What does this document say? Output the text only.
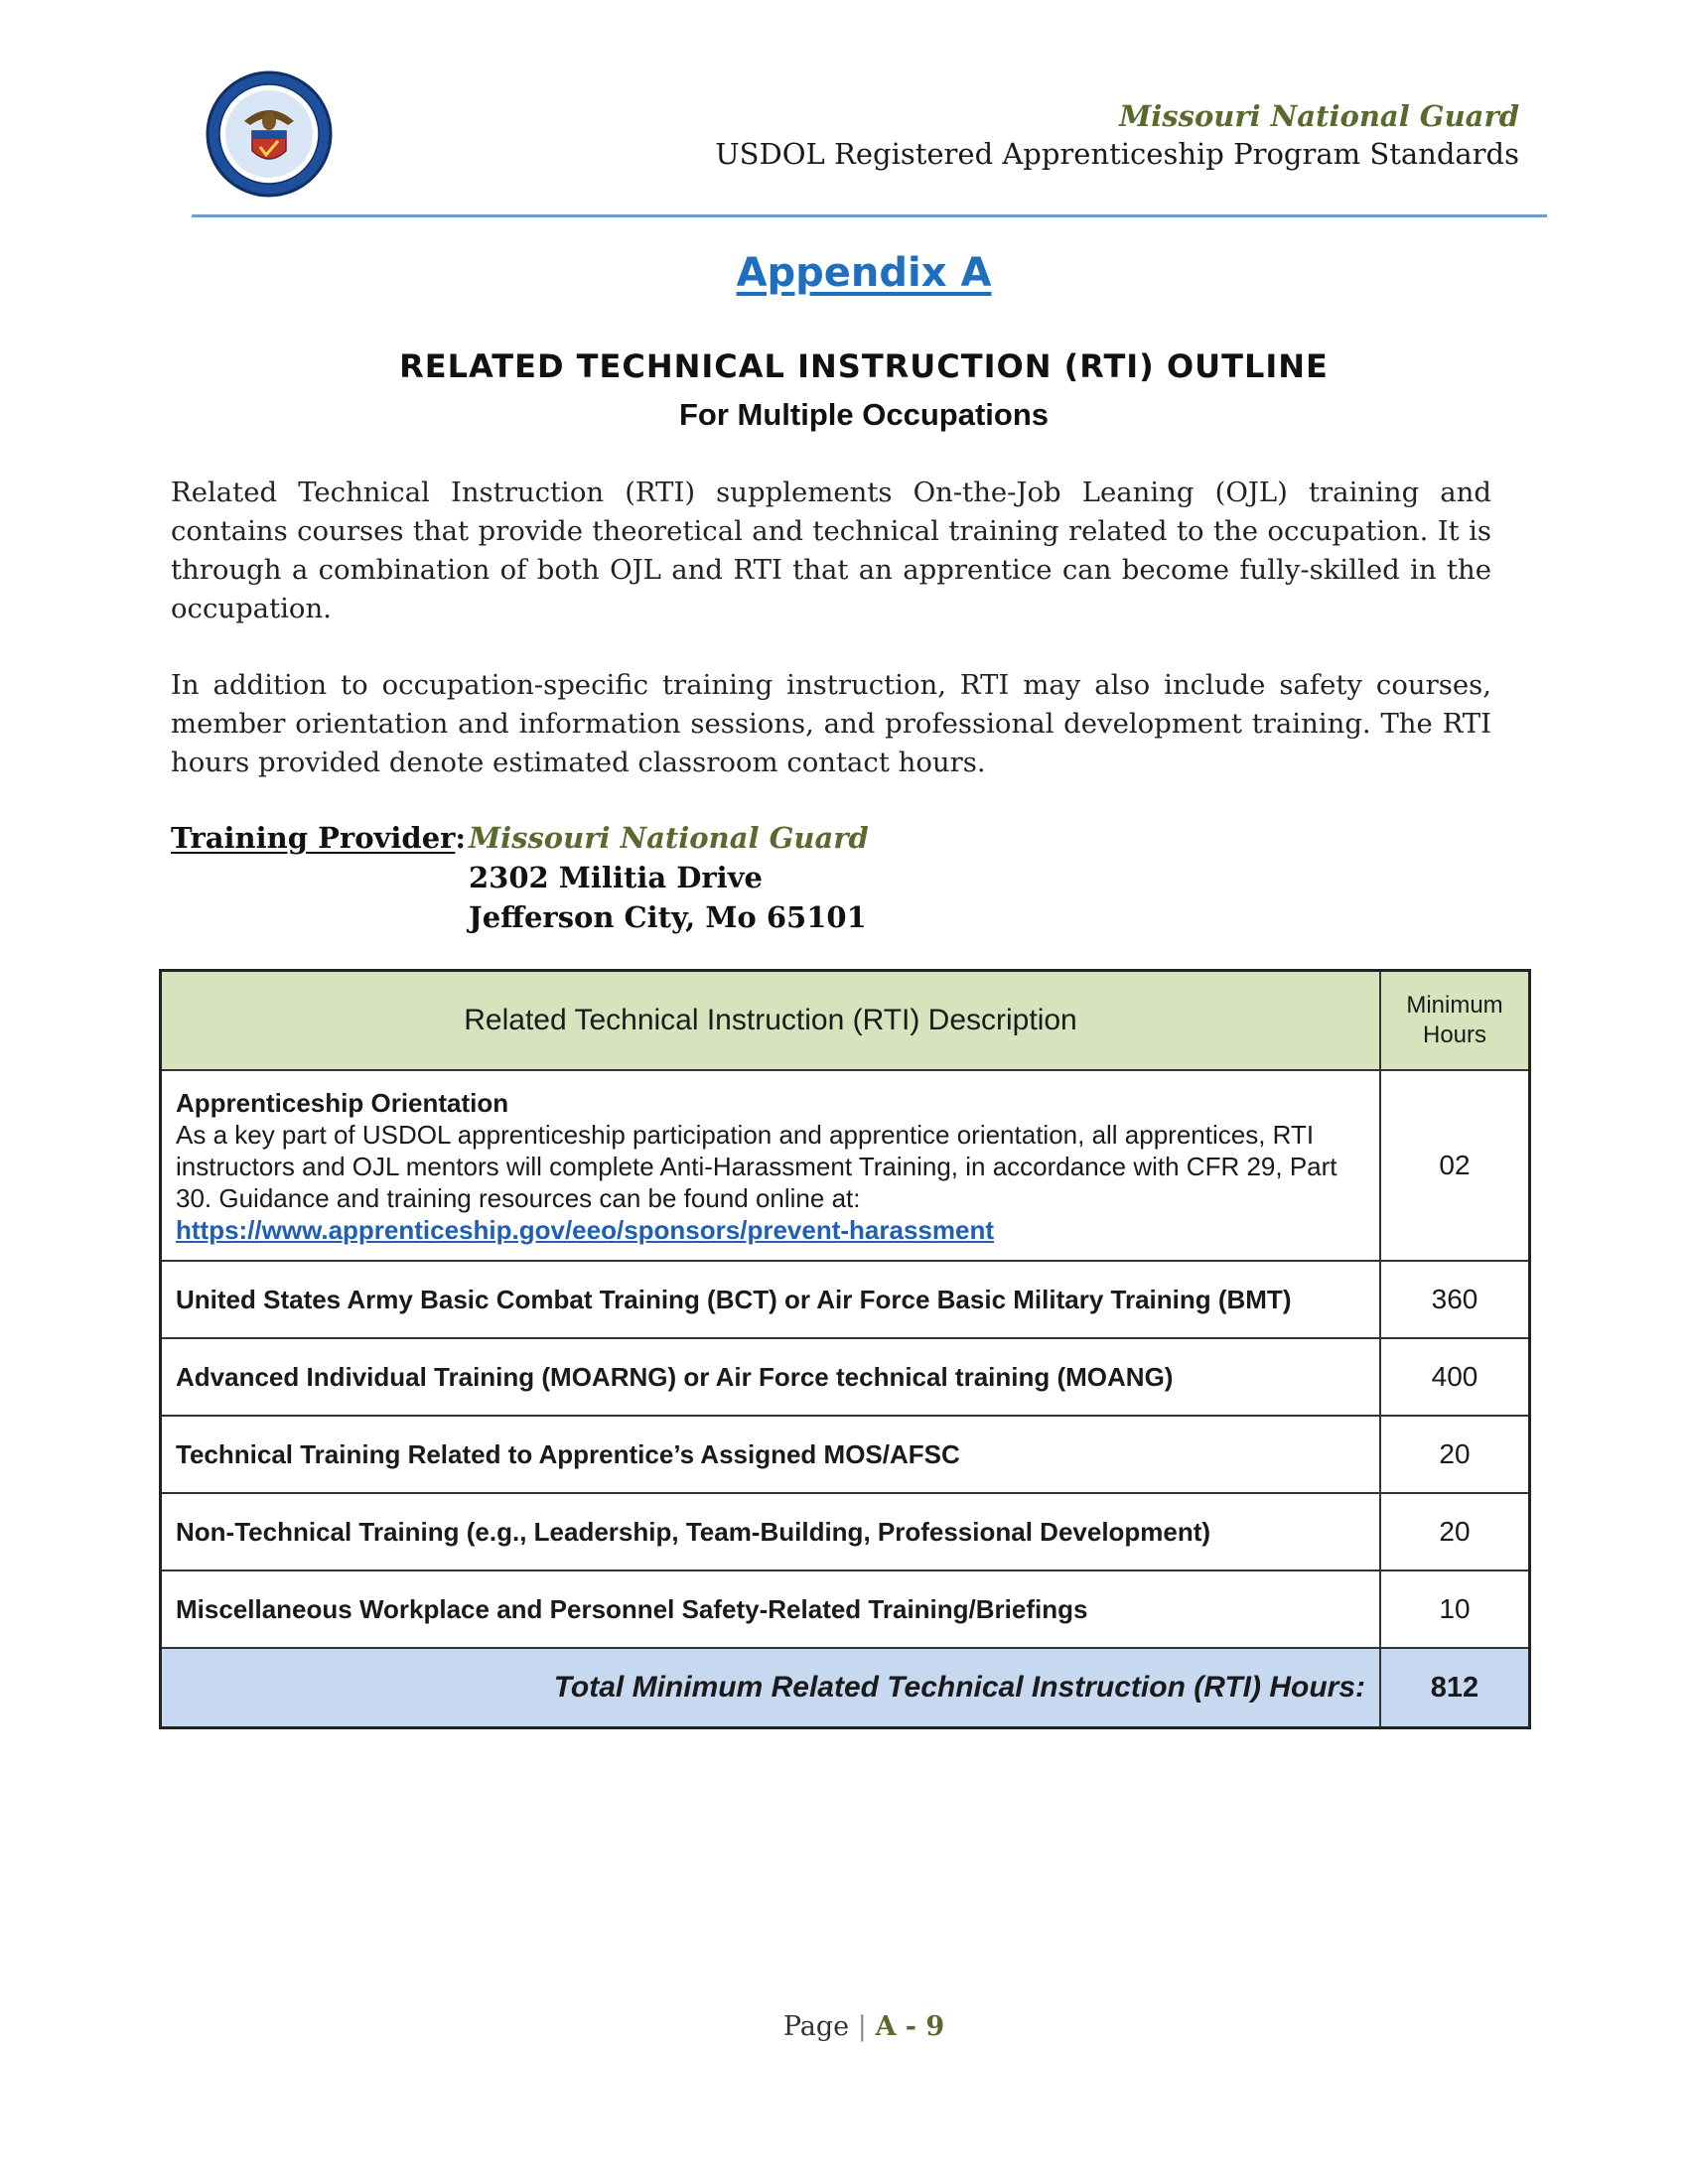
Missouri National Guard
USDOL Registered Apprenticeship Program Standards
Appendix A
RELATED TECHNICAL INSTRUCTION (RTI) OUTLINE
For Multiple Occupations
Related Technical Instruction (RTI) supplements On-the-Job Leaning (OJL) training and contains courses that provide theoretical and technical training related to the occupation. It is through a combination of both OJL and RTI that an apprentice can become fully-skilled in the occupation.
In addition to occupation-specific training instruction, RTI may also include safety courses, member orientation and information sessions, and professional development training. The RTI hours provided denote estimated classroom contact hours.
Training Provider: Missouri National Guard
2302 Militia Drive
Jefferson City, Mo 65101
Related Technical Instruction (RTI) Description	Minimum
Hours

Apprenticeship Orientation
As a key part of USDOL apprenticeship participation and apprentice orientation, all apprentices, RTI instructors and OJL mentors will complete Anti-Harassment Training, in accordance with CFR 29, Part 30. Guidance and training resources can be found online at:
https://www.apprenticeship.gov/eeo/sponsors/prevent-harassment	02
United States Army Basic Combat Training (BCT) or Air Force Basic Military Training (BMT)	360
Advanced Individual Training (MOARNG) or Air Force technical training (MOANG)	400
Technical Training Related to Apprentice’s Assigned MOS/AFSC	20
Non-Technical Training (e.g., Leadership, Team-Building, Professional Development)	20
Miscellaneous Workplace and Personnel Safety-Related Training/Briefings	10
Total Minimum Related Technical Instruction (RTI) Hours:	812
Page | A - 9
